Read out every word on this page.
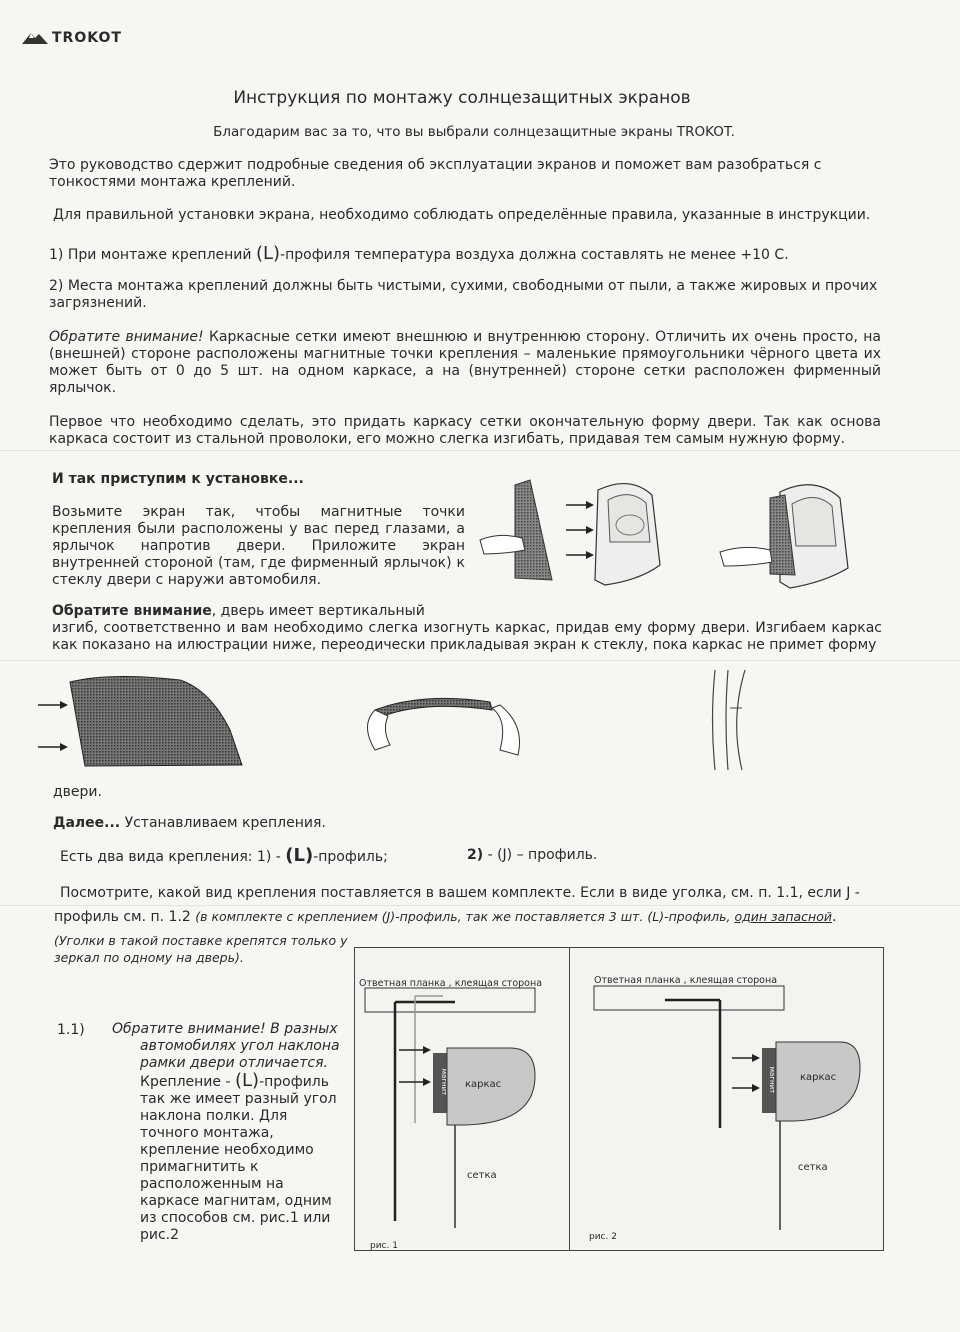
TROKOT
Инструкция по монтажу солнцезащитных экранов
Благодарим вас за то, что вы выбрали солнцезащитные экраны TROKOT.

Это руководство сдержит подробные сведения об эксплуатации экранов и поможет вам разобраться с тонкостями монтажа креплений.

Для правильной установки экрана, необходимо соблюдать определённые правила, указанные в инструкции.

1) При монтаже креплений (L)-профиля температура воздуха должна составлять не менее +10 С.

2) Места монтажа креплений должны быть чистыми, сухими, свободными от пыли, а также жировых и прочих загрязнений.

Обратите внимание! Каркасные сетки имеют внешнюю и внутреннюю сторону. Отличить их очень просто, на (внешней) стороне расположены магнитные точки крепления – маленькие прямоугольники чёрного цвета их может быть от 0 до 5 шт. на одном каркасе, а на (внутренней) стороне сетки расположен фирменный ярлычок.

Первое что необходимо сделать, это придать каркасу сетки окончательную форму двери. Так как основа каркаса состоит из стальной проволоки, его можно слегка изгибать, придавая тем самым нужную форму.

И так приступим к установке...

Возьмите экран так, чтобы магнитные точки крепления были расположены у вас перед глазами, а ярлычок напротив двери. Приложите экран внутренней стороной (там, где фирменный ярлычок) к стеклу двери с наружи автомобиля.

Обратите внимание, дверь имеет вертикальный

изгиб, соответственно и вам необходимо слегка изогнуть каркас, придав ему форму двери. Изгибаем каркас как показано на илюстрации ниже, переодически прикладывая экран к стеклу, пока каркас не примет форму

двери.

Далее... Устанавливаем крепления.

Есть два вида крепления: 1) - (L)-профиль;	2) - (J) – профиль.

Посмотрите, какой вид крепления поставляется в вашем комплекте. Если в виде уголка, см. п. 1.1, если J -

профиль см. п. 1.2 (в комплекте с креплением (J)-профиль, так же поставляется 3 шт. (L)-профиль, один запасной.

(Уголки в такой поставке крепятся только у зеркал по одному на дверь).

1.1) Обратите внимание! В разных автомобилях угол наклона рамки двери отличается.
Крепление - (L)-профиль так же имеет разный угол наклона полки. Для точного монтажа, крепление необходимо примагнитить к расположенным на каркасе магнитам, одним из способов см. рис.1 или рис.2
Ответная планка , клеящая сторона
каркас
сетка
магнит
рис. 1
Ответная планка , клеящая сторона
каркас
сетка
магнит
рис. 2
